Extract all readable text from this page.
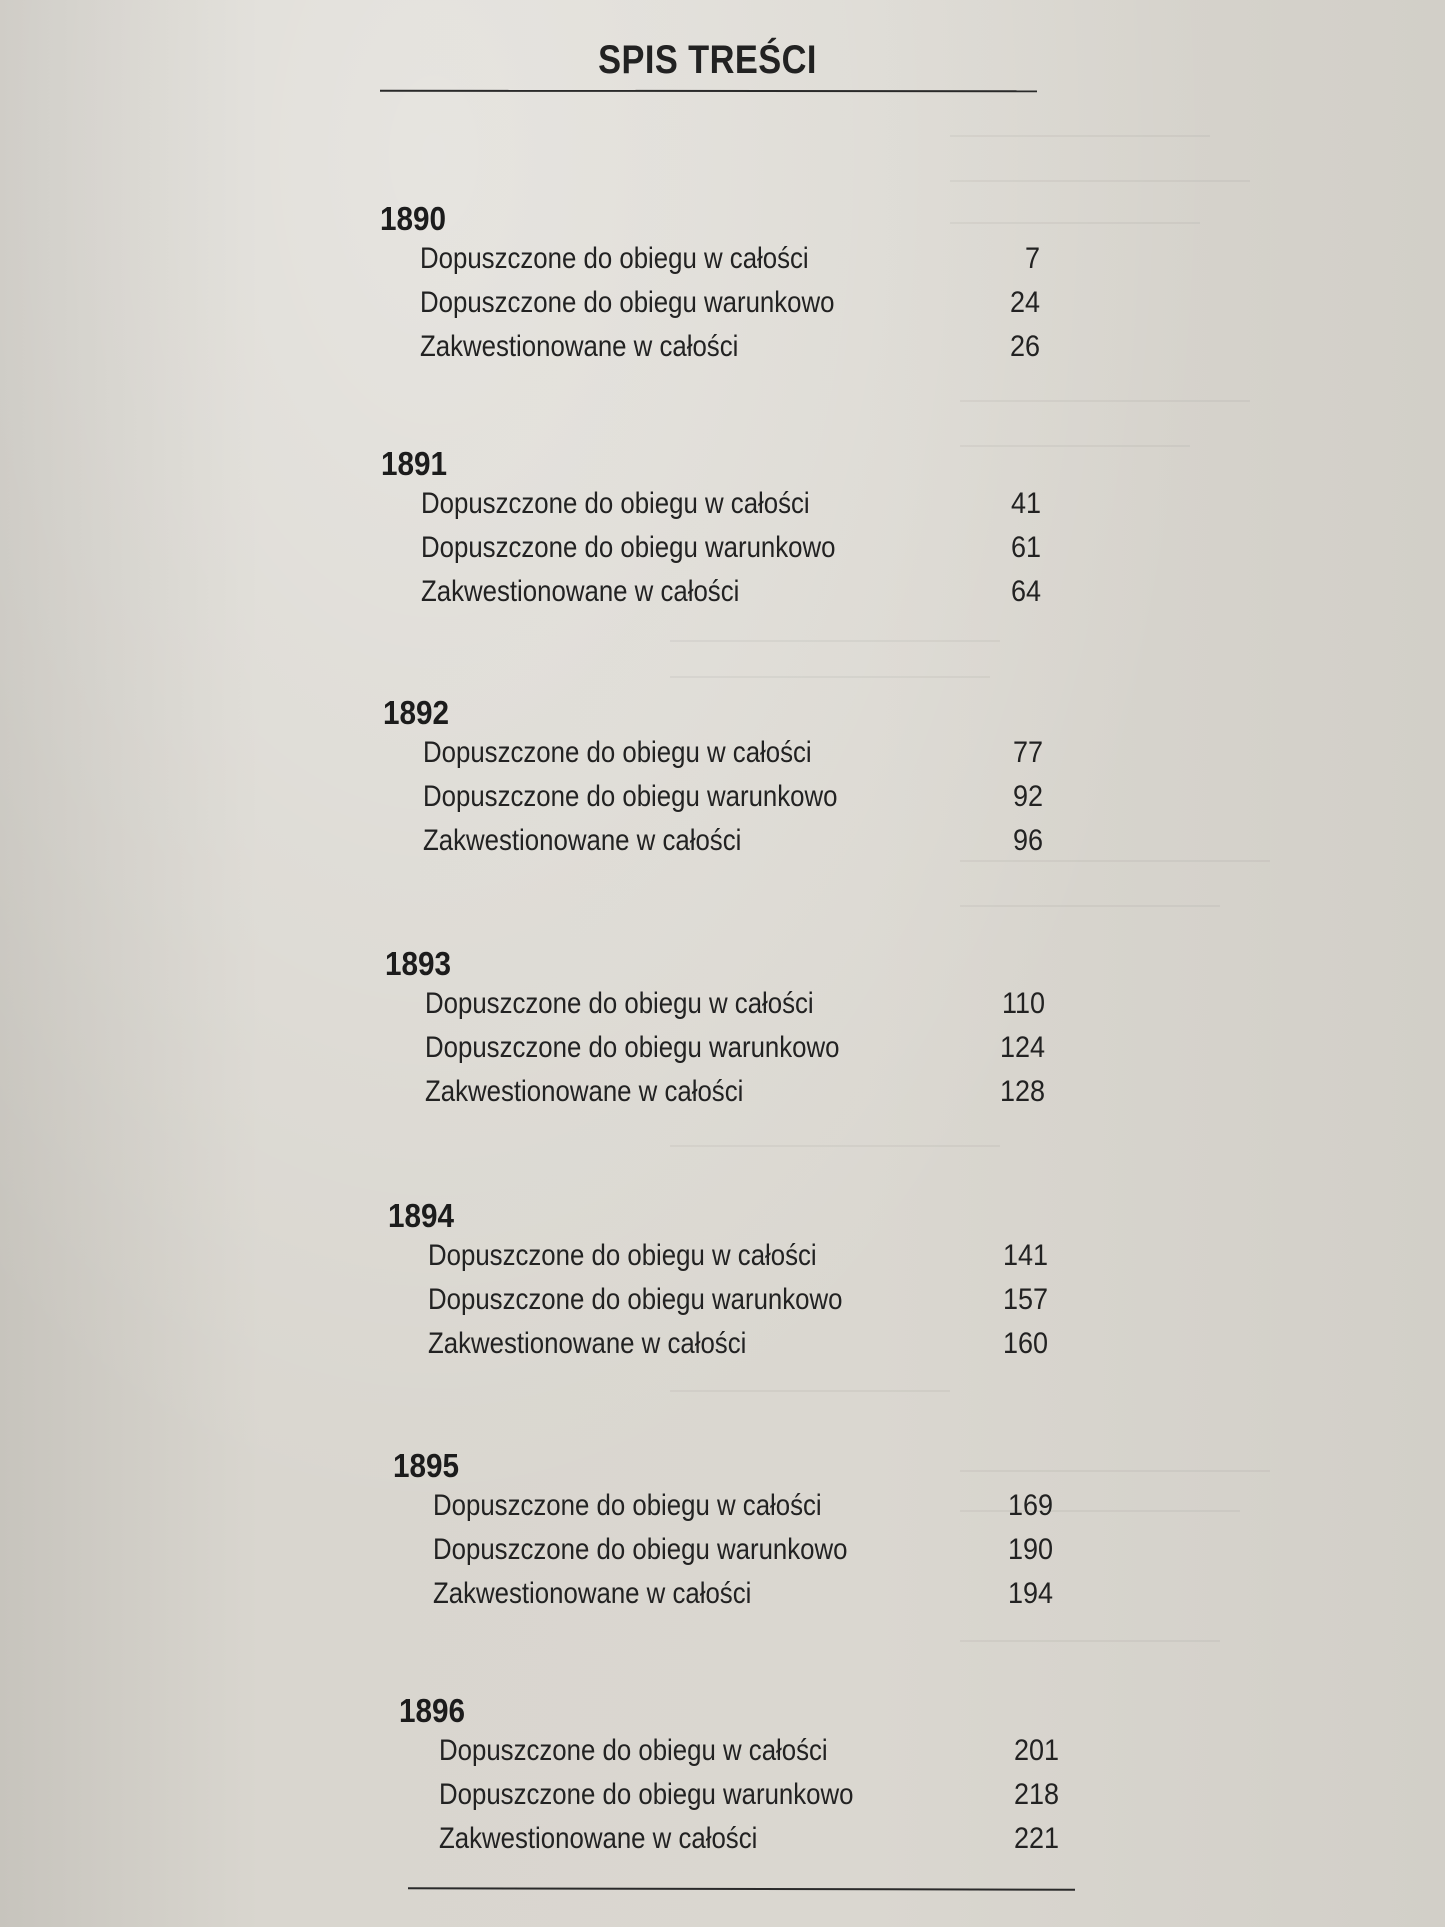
SPIS TREŚCI
1890
Dopuszczone do obiegu w całości	7
Dopuszczone do obiegu warunkowo	24
Zakwestionowane w całości	26
1891
Dopuszczone do obiegu w całości	41
Dopuszczone do obiegu warunkowo	61
Zakwestionowane w całości	64
1892
Dopuszczone do obiegu w całości	77
Dopuszczone do obiegu warunkowo	92
Zakwestionowane w całości	96
1893
Dopuszczone do obiegu w całości	110
Dopuszczone do obiegu warunkowo	124
Zakwestionowane w całości	128
1894
Dopuszczone do obiegu w całości	141
Dopuszczone do obiegu warunkowo	157
Zakwestionowane w całości	160
1895
Dopuszczone do obiegu w całości	169
Dopuszczone do obiegu warunkowo	190
Zakwestionowane w całości	194
1896
Dopuszczone do obiegu w całości	201
Dopuszczone do obiegu warunkowo	218
Zakwestionowane w całości	221
